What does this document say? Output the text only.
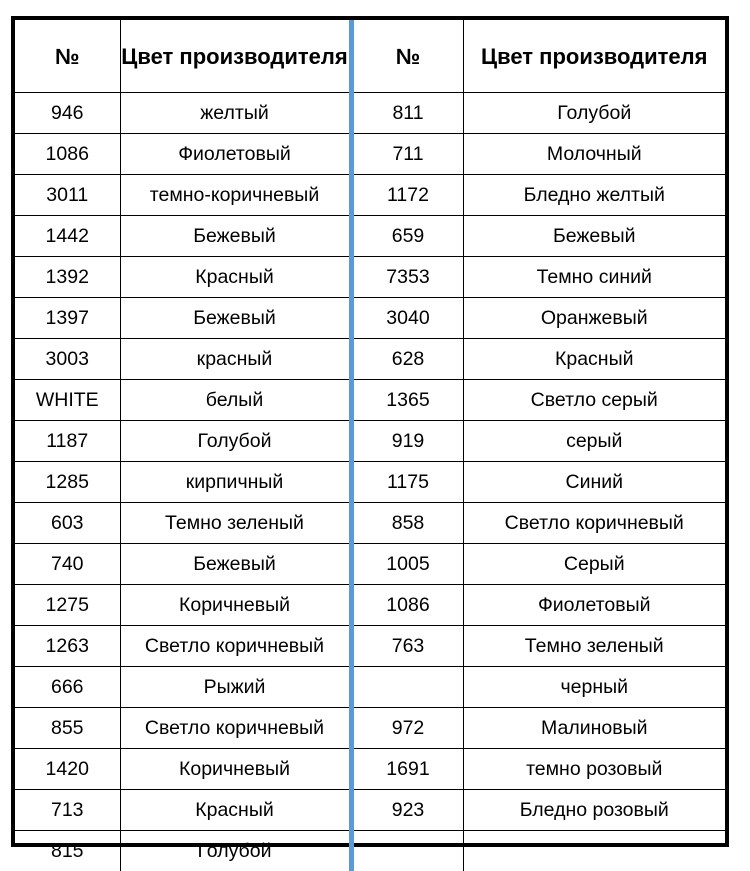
№	Цвет производителя	№	Цвет производителя
946	желтый	811	Голубой
1086	Фиолетовый	711	Молочный
3011	темно-коричневый	1172	Бледно желтый
1442	Бежевый	659	Бежевый
1392	Красный	7353	Темно синий
1397	Бежевый	3040	Оранжевый
3003	красный	628	Красный
WHITE	белый	1365	Светло серый
1187	Голубой	919	серый
1285	кирпичный	1175	Синий
603	Темно зеленый	858	Светло коричневый
740	Бежевый	1005	Серый
1275	Коричневый	1086	Фиолетовый
1263	Светло коричневый	763	Темно зеленый
666	Рыжий		черный
855	Светло коричневый	972	Малиновый
1420	Коричневый	1691	темно розовый
713	Красный	923	Бледно розовый
815	Голубой		
